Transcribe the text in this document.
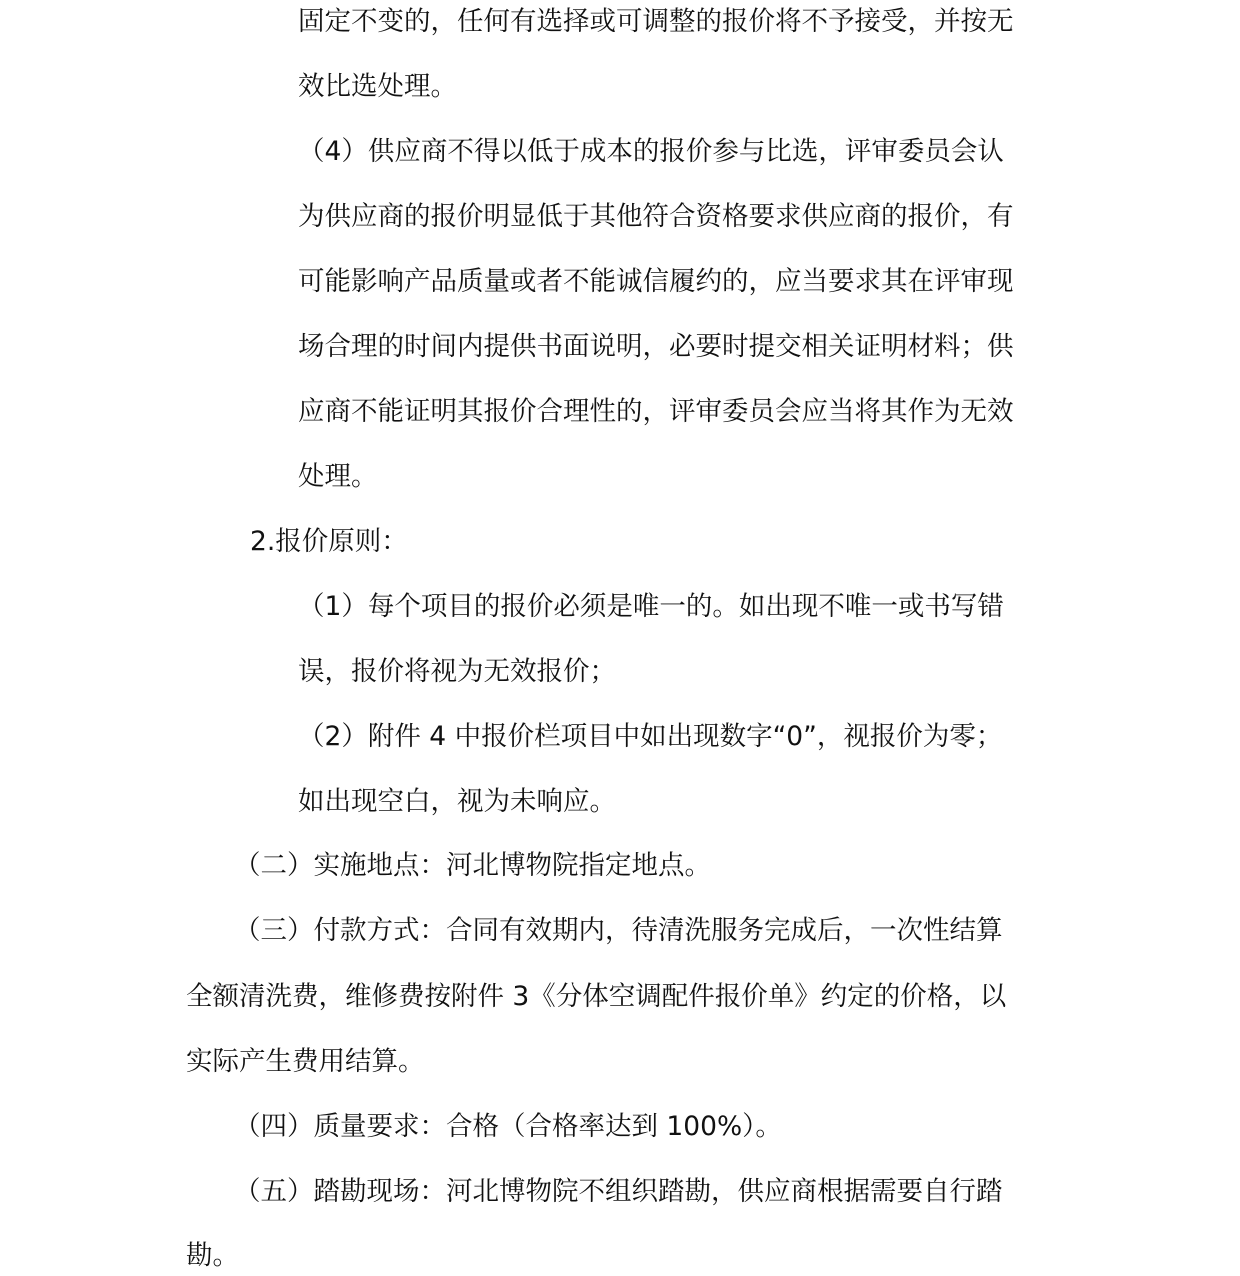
固定不变的，任何有选择或可调整的报价将不予接受，并按无
效比选处理。
（4）供应商不得以低于成本的报价参与比选，评审委员会认
为供应商的报价明显低于其他符合资格要求供应商的报价，有
可能影响产品质量或者不能诚信履约的，应当要求其在评审现
场合理的时间内提供书面说明，必要时提交相关证明材料；供
应商不能证明其报价合理性的，评审委员会应当将其作为无效
处理。
2.报价原则：
（1）每个项目的报价必须是唯一的。如出现不唯一或书写错
误，报价将视为无效报价；
（2）附件 4 中报价栏项目中如出现数字“0”，视报价为零；
如出现空白，视为未响应。
（二）实施地点：河北博物院指定地点。
（三）付款方式：合同有效期内，待清洗服务完成后，一次性结算
全额清洗费，维修费按附件 3《分体空调配件报价单》约定的价格，以
实际产生费用结算。
（四）质量要求：合格（合格率达到 100%）。
（五）踏勘现场：河北博物院不组织踏勘，供应商根据需要自行踏
勘。
